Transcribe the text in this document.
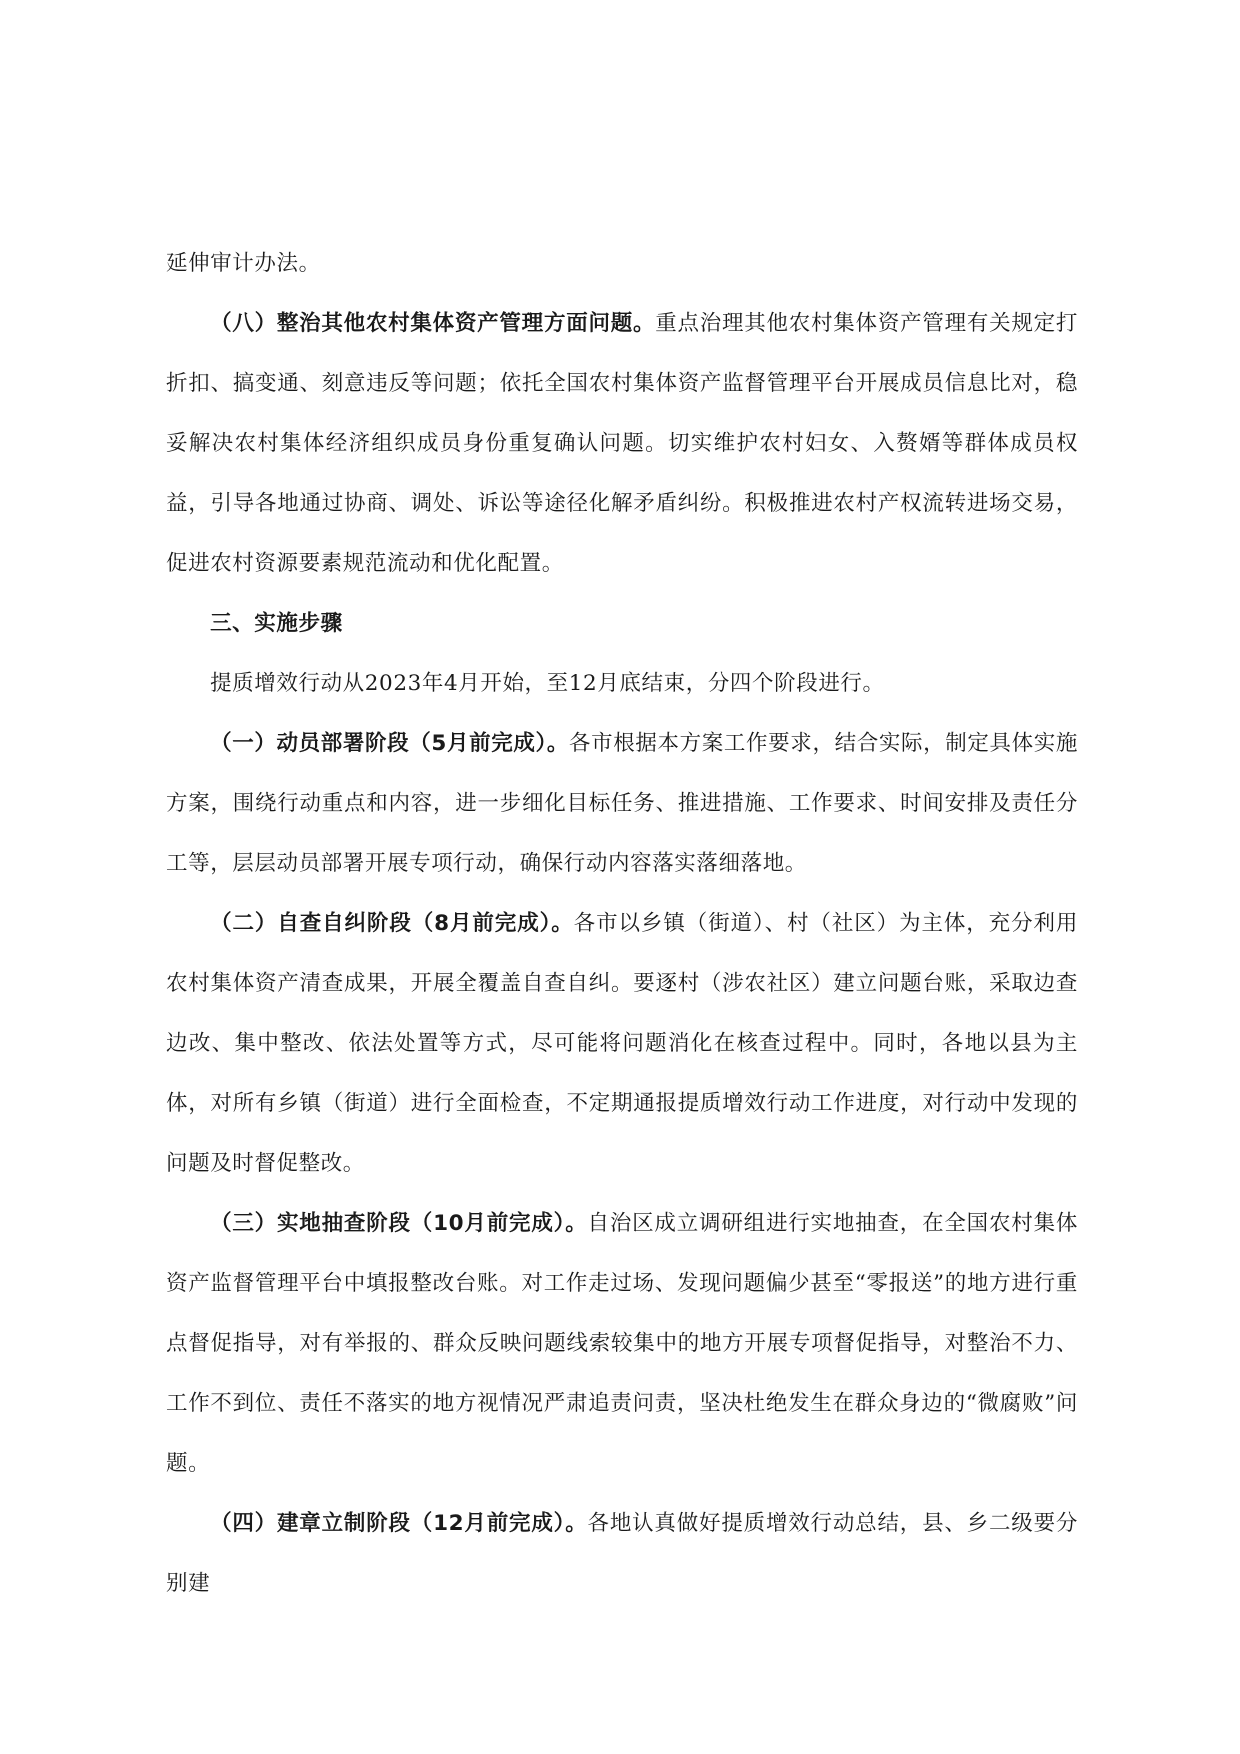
延伸审计办法。

（八）整治其他农村集体资产管理方面问题。重点治理其他农村集体资产管理有关规定打折扣、搞变通、刻意违反等问题；依托全国农村集体资产监督管理平台开展成员信息比对，稳妥解决农村集体经济组织成员身份重复确认问题。切实维护农村妇女、入赘婿等群体成员权益，引导各地通过协商、调处、诉讼等途径化解矛盾纠纷。积极推进农村产权流转进场交易，促进农村资源要素规范流动和优化配置。

三、实施步骤

提质增效行动从2023年4月开始，至12月底结束，分四个阶段进行。

（一）动员部署阶段（5月前完成）。各市根据本方案工作要求，结合实际，制定具体实施方案，围绕行动重点和内容，进一步细化目标任务、推进措施、工作要求、时间安排及责任分工等，层层动员部署开展专项行动，确保行动内容落实落细落地。

（二）自查自纠阶段（8月前完成）。各市以乡镇（街道）、村（社区）为主体，充分利用农村集体资产清查成果，开展全覆盖自查自纠。要逐村（涉农社区）建立问题台账，采取边查边改、集中整改、依法处置等方式，尽可能将问题消化在核查过程中。同时，各地以县为主体，对所有乡镇（街道）进行全面检查，不定期通报提质增效行动工作进度，对行动中发现的问题及时督促整改。

（三）实地抽查阶段（10月前完成）。自治区成立调研组进行实地抽查，在全国农村集体资产监督管理平台中填报整改台账。对工作走过场、发现问题偏少甚至“零报送”的地方进行重点督促指导，对有举报的、群众反映问题线索较集中的地方开展专项督促指导，对整治不力、工作不到位、责任不落实的地方视情况严肃追责问责，坚决杜绝发生在群众身边的“微腐败”问题。

（四）建章立制阶段（12月前完成）。各地认真做好提质增效行动总结，县、乡二级要分别建
